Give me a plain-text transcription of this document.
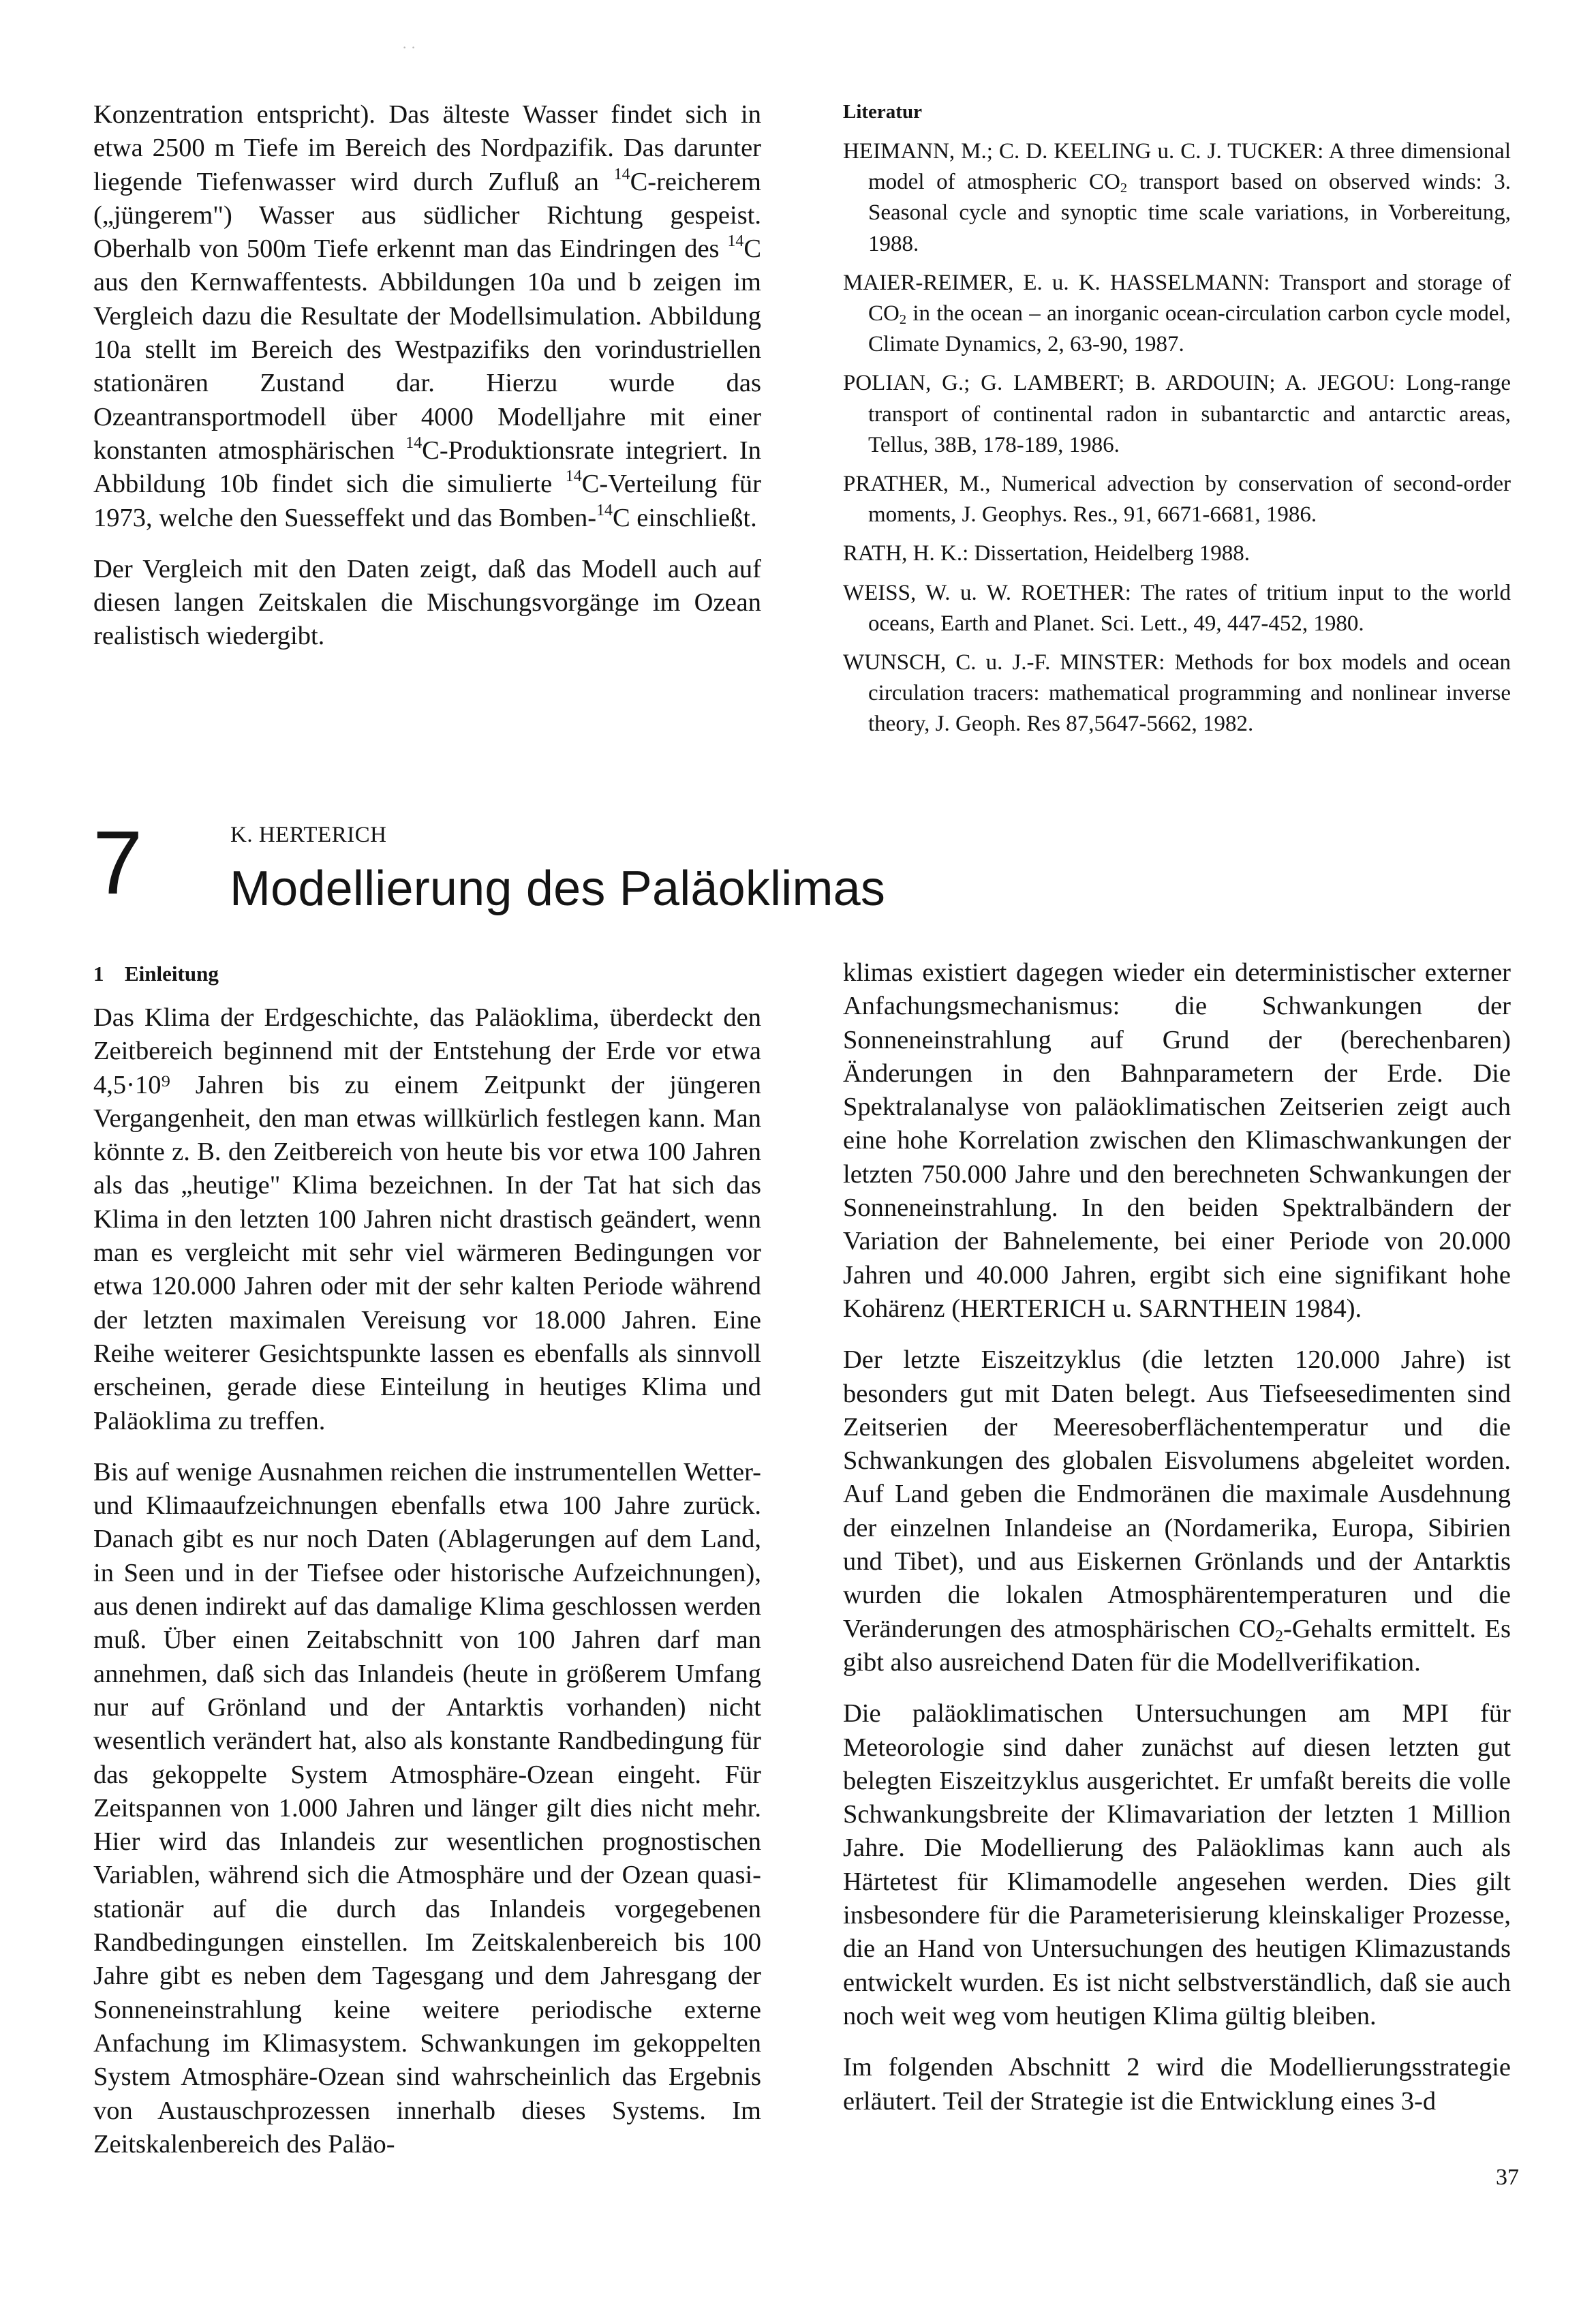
· ·

Konzentration entspricht). Das älteste Wasser findet sich in etwa 2500 m Tiefe im Bereich des Nordpazifik. Das darunter liegende Tiefenwasser wird durch Zufluß an $^{14}$C-reicherem („jüngerem") Wasser aus südlicher Richtung gespeist. Oberhalb von 500m Tiefe erkennt man das Eindringen des $^{14}$C aus den Kernwaffentests. Abbildungen 10a und b zeigen im Vergleich dazu die Resultate der Modellsimulation. Abbildung 10a stellt im Bereich des Westpazifiks den vorindustriellen stationären Zustand dar. Hierzu wurde das Ozeantransportmodell über 4000 Modelljahre mit einer konstanten atmosphärischen $^{14}$C-Produktionsrate integriert. In Abbildung 10b findet sich die simulierte $^{14}$C-Verteilung für 1973, welche den Suesseffekt und das Bomben-$^{14}$C einschließt.

Der Vergleich mit den Daten zeigt, daß das Modell auch auf diesen langen Zeitskalen die Mischungsvorgänge im Ozean realistisch wiedergibt.

Literatur

HEIMANN, M.; C. D. KEELING u. C. J. TUCKER: A three dimensional model of atmospheric $CO_2$ transport based on observed winds: 3. Seasonal cycle and synoptic time scale variations, in Vorbereitung, 1988.

MAIER-REIMER, E. u. K. HASSELMANN: Transport and storage of $CO_2$ in the ocean – an inorganic ocean-circulation carbon cycle model, Climate Dynamics, 2, 63-90, 1987.

POLIAN, G.; G. LAMBERT; B. ARDOUIN; A. JEGOU: Long-range transport of continental radon in subantarctic and antarctic areas, Tellus, 38B, 178-189, 1986.

PRATHER, M., Numerical advection by conservation of second-order moments, J. Geophys. Res., 91, 6671-6681, 1986.

RATH, H. K.: Dissertation, Heidelberg 1988.

WEISS, W. u. W. ROETHER: The rates of tritium input to the world oceans, Earth and Planet. Sci. Lett., 49, 447-452, 1980.

WUNSCH, C. u. J.-F. MINSTER: Methods for box models and ocean circulation tracers: mathematical programming and nonlinear inverse theory, J. Geoph. Res 87,5647-5662, 1982.

7	K. HERTERICH
Modellierung des Paläoklimas
1 Einleitung

Das Klima der Erdgeschichte, das Paläoklima, überdeckt den Zeitbereich beginnend mit der Entstehung der Erde vor etwa 4,5·10⁹ Jahren bis zu einem Zeitpunkt der jüngeren Vergangenheit, den man etwas willkürlich festlegen kann. Man könnte z. B. den Zeitbereich von heute bis vor etwa 100 Jahren als das „heutige" Klima bezeichnen. In der Tat hat sich das Klima in den letzten 100 Jahren nicht drastisch geändert, wenn man es vergleicht mit sehr viel wärmeren Bedingungen vor etwa 120.000 Jahren oder mit der sehr kalten Periode während der letzten maximalen Vereisung vor 18.000 Jahren. Eine Reihe weiterer Gesichtspunkte lassen es ebenfalls als sinnvoll erscheinen, gerade diese Einteilung in heutiges Klima und Paläoklima zu treffen.

Bis auf wenige Ausnahmen reichen die instrumentellen Wetter- und Klimaaufzeichnungen ebenfalls etwa 100 Jahre zurück. Danach gibt es nur noch Daten (Ablagerungen auf dem Land, in Seen und in der Tiefsee oder historische Aufzeichnungen), aus denen indirekt auf das damalige Klima geschlossen werden muß. Über einen Zeitabschnitt von 100 Jahren darf man annehmen, daß sich das Inlandeis (heute in größerem Umfang nur auf Grönland und der Antarktis vorhanden) nicht wesentlich verändert hat, also als konstante Randbedingung für das gekoppelte System Atmosphäre-Ozean eingeht. Für Zeitspannen von 1.000 Jahren und länger gilt dies nicht mehr. Hier wird das Inlandeis zur wesentlichen prognostischen Variablen, während sich die Atmosphäre und der Ozean quasi-stationär auf die durch das Inlandeis vorgegebenen Randbedingungen einstellen. Im Zeitskalenbereich bis 100 Jahre gibt es neben dem Tagesgang und dem Jahresgang der Sonneneinstrahlung keine weitere periodische externe Anfachung im Klimasystem. Schwankungen im gekoppelten System Atmosphäre-Ozean sind wahrscheinlich das Ergebnis von Austauschprozessen innerhalb dieses Systems. Im Zeitskalenbereich des Paläo-

klimas existiert dagegen wieder ein deterministischer externer Anfachungsmechanismus: die Schwankungen der Sonneneinstrahlung auf Grund der (berechenbaren) Änderungen in den Bahnparametern der Erde. Die Spektralanalyse von paläoklimatischen Zeitserien zeigt auch eine hohe Korrelation zwischen den Klimaschwankungen der letzten 750.000 Jahre und den berechneten Schwankungen der Sonneneinstrahlung. In den beiden Spektralbändern der Variation der Bahnelemente, bei einer Periode von 20.000 Jahren und 40.000 Jahren, ergibt sich eine signifikant hohe Kohärenz (HERTERICH u. SARNTHEIN 1984).

Der letzte Eiszeitzyklus (die letzten 120.000 Jahre) ist besonders gut mit Daten belegt. Aus Tiefseesedimenten sind Zeitserien der Meeresoberflächentemperatur und die Schwankungen des globalen Eisvolumens abgeleitet worden. Auf Land geben die Endmoränen die maximale Ausdehnung der einzelnen Inlandeise an (Nordamerika, Europa, Sibirien und Tibet), und aus Eiskernen Grönlands und der Antarktis wurden die lokalen Atmosphärentemperaturen und die Veränderungen des atmosphärischen $CO_2$-Gehalts ermittelt. Es gibt also ausreichend Daten für die Modellverifikation.

Die paläoklimatischen Untersuchungen am MPI für Meteorologie sind daher zunächst auf diesen letzten gut belegten Eiszeitzyklus ausgerichtet. Er umfaßt bereits die volle Schwankungsbreite der Klimavariation der letzten 1 Million Jahre. Die Modellierung des Paläoklimas kann auch als Härtetest für Klimamodelle angesehen werden. Dies gilt insbesondere für die Parameterisierung kleinskaliger Prozesse, die an Hand von Untersuchungen des heutigen Klimazustands entwickelt wurden. Es ist nicht selbstverständlich, daß sie auch noch weit weg vom heutigen Klima gültig bleiben.

Im folgenden Abschnitt 2 wird die Modellierungsstrategie erläutert. Teil der Strategie ist die Entwicklung eines 3-d

37
